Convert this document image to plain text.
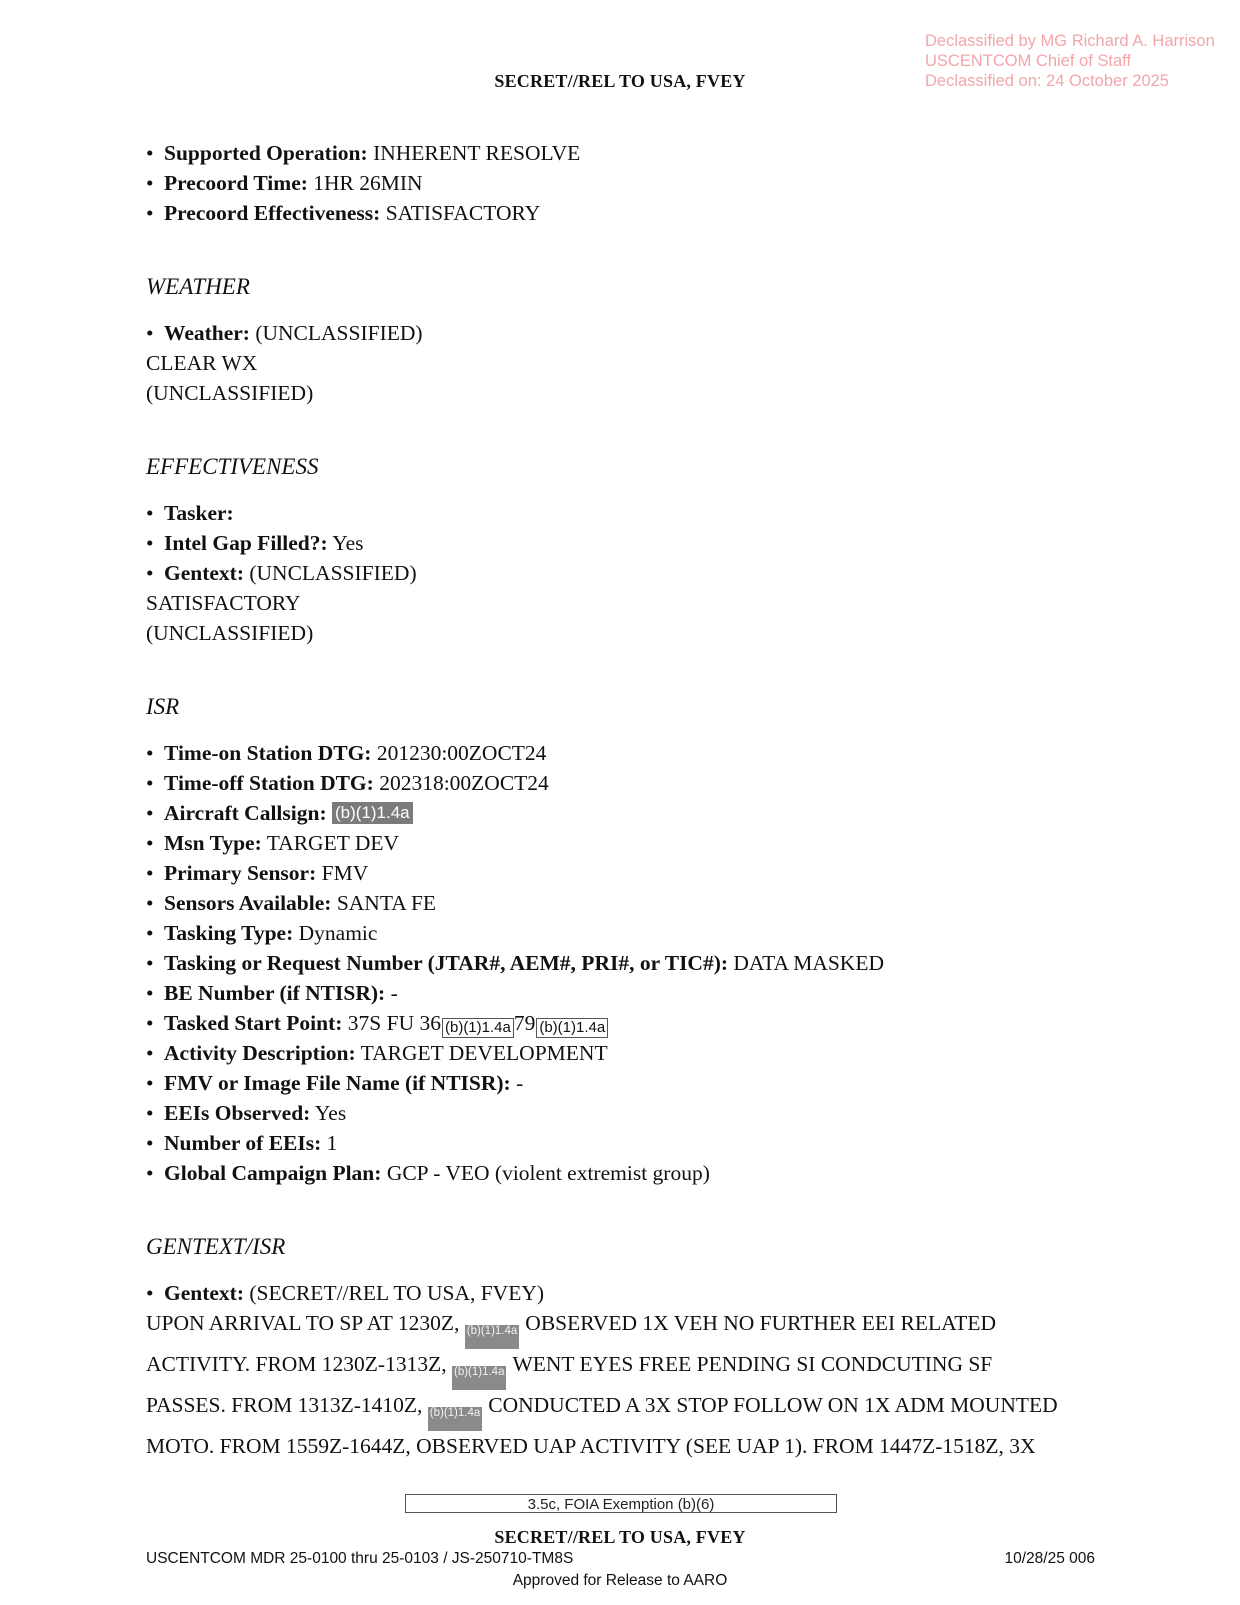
Declassified by MG Richard A. Harrison
USCENTCOM Chief of Staff
Declassified on: 24 October 2025
SECRET//REL TO USA, FVEY
• Supported Operation: INHERENT RESOLVE
• Precoord Time: 1HR 26MIN
• Precoord Effectiveness: SATISFACTORY
WEATHER
• Weather: (UNCLASSIFIED)
CLEAR WX
(UNCLASSIFIED)
EFFECTIVENESS
• Tasker:
• Intel Gap Filled?: Yes
• Gentext: (UNCLASSIFIED)
SATISFACTORY
(UNCLASSIFIED)
ISR
• Time-on Station DTG: 201230:00ZOCT24
• Time-off Station DTG: 202318:00ZOCT24
• Aircraft Callsign: (b)(1)1.4a
• Msn Type: TARGET DEV
• Primary Sensor: FMV
• Sensors Available: SANTA FE
• Tasking Type: Dynamic
• Tasking or Request Number (JTAR#, AEM#, PRI#, or TIC#): DATA MASKED
• BE Number (if NTISR): -
• Tasked Start Point: 37S FU 36 (b)(1)1.4a 79 (b)(1)1.4a
• Activity Description: TARGET DEVELOPMENT
• FMV or Image File Name (if NTISR): -
• EEIs Observed: Yes
• Number of EEIs: 1
• Global Campaign Plan: GCP - VEO (violent extremist group)
GENTEXT/ISR
• Gentext: (SECRET//REL TO USA, FVEY)
UPON ARRIVAL TO SP AT 1230Z, (b)(1)1.4a OBSERVED 1X VEH NO FURTHER EEI RELATED
ACTIVITY. FROM 1230Z-1313Z, (b)(1)1.4a WENT EYES FREE PENDING SI CONDCUTING SF
PASSES. FROM 1313Z-1410Z, (b)(1)1.4a CONDUCTED A 3X STOP FOLLOW ON 1X ADM MOUNTED
MOTO. FROM 1559Z-1644Z, OBSERVED UAP ACTIVITY (SEE UAP 1). FROM 1447Z-1518Z, 3X
3.5c, FOIA Exemption (b)(6)
SECRET//REL TO USA, FVEY
USCENTCOM MDR 25-0100 thru 25-0103 / JS-250710-TM8S	10/28/25 006
Approved for Release to AARO
